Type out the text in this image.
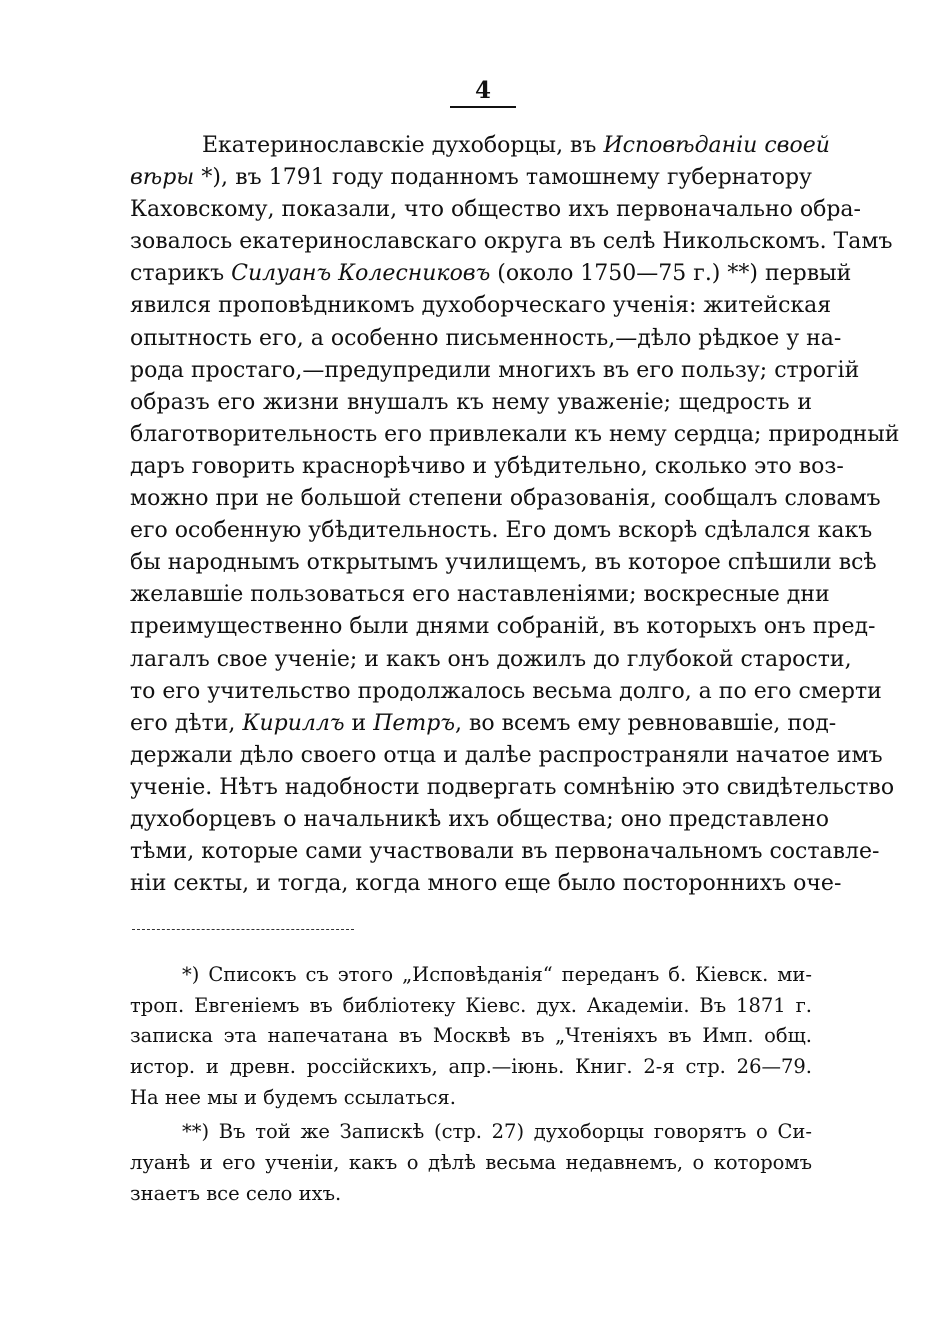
4
Екатеринославскіе духоборцы, въ Исповѣданіи своей
вѣры *), въ 1791 году поданномъ тамошнему губернатору
Каховскому, показали, что общество ихъ первоначально обра-
зовалось екатеринославскаго округа въ селѣ Никольскомъ. Тамъ
старикъ Силуанъ Колесниковъ (около 1750—75 г.) **) первый
явился проповѣдникомъ духоборческаго ученія: житейская
опытность его, а особенно письменность,—дѣло рѣдкое у на-
рода простаго,—предупредили многихъ въ его пользу; строгій
образъ его жизни внушалъ къ нему уваженіе; щедрость и
благотворительность его привлекали къ нему сердца; природный
даръ говорить краснорѣчиво и убѣдительно, сколько это воз-
можно при не большой степени образованія, сообщалъ словамъ
его особенную убѣдительность. Его домъ вскорѣ сдѣлался какъ
бы народнымъ открытымъ училищемъ, въ которое спѣшили всѣ
желавшіе пользоваться его наставленіями; воскресные дни
преимущественно были днями собраній, въ которыхъ онъ пред-
лагалъ свое ученіе; и какъ онъ дожилъ до глубокой старости,
то его учительство продолжалось весьма долго, а по его смерти
его дѣти, Кириллъ и Петръ, во всемъ ему ревновавшіе, под-
держали дѣло своего отца и далѣе распространяли начатое имъ
ученіе. Нѣтъ надобности подвергать сомнѣнію это свидѣтельство
духоборцевъ о начальникѣ ихъ общества; оно представлено
тѣми, которые сами участвовали въ первоначальномъ составле-
ніи секты, и тогда, когда много еще было постороннихъ оче-
*) Списокъ съ этого „Исповѣданія“ переданъ б. Кіевск. ми-
троп. Евгеніемъ въ библіотеку Кіевс. дух. Академіи. Въ 1871 г.
записка эта напечатана въ Москвѣ въ „Чтеніяхъ въ Имп. общ.
истор. и древн. россійскихъ, апр.—іюнь. Книг. 2-я стр. 26—79.
На нее мы и будемъ ссылаться.
**) Въ той же Запискѣ (стр. 27) духоборцы говорятъ о Си-
луанѣ и его ученіи, какъ о дѣлѣ весьма недавнемъ, о которомъ
знаетъ все село ихъ.
